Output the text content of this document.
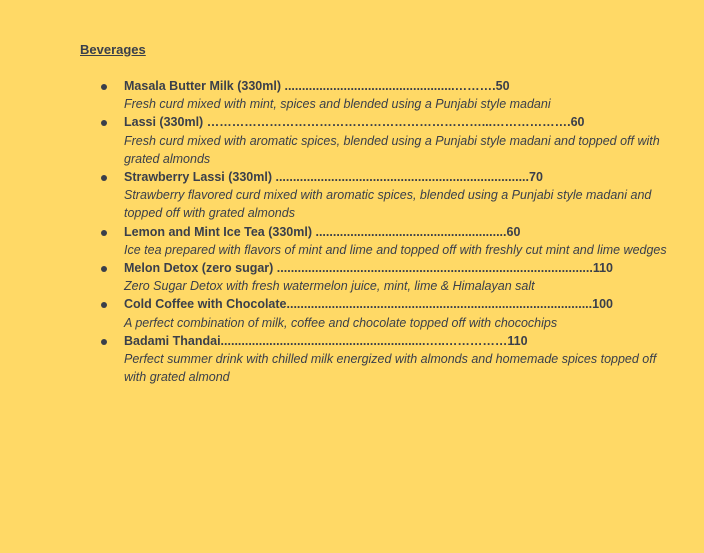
Beverages
Masala Butter Milk (330ml) .................................................……….50
Fresh curd mixed with mint, spices and blended using a Punjabi style madani
Lassi (330ml) …………………………………………………………...……………….60
Fresh curd mixed with aromatic spices, blended using a Punjabi style madani and topped off with grated almonds
Strawberry Lassi (330ml) .........................................................................70
Strawberry flavored curd mixed with aromatic spices, blended using a Punjabi style madani and topped off with grated almonds
Lemon and Mint Ice Tea (330ml) .......................................................60
Ice tea prepared with flavors of mint and lime and topped off with freshly cut mint and lime wedges
Melon Detox (zero sugar) ...........................................................................................110
Zero Sugar Detox with fresh watermelon juice, mint, lime & Himalayan salt
Cold Coffee with Chocolate........................................................................................100
A perfect combination of milk, coffee and chocolate topped off with chocochips
Badami Thandai...........................................................…..……………110
Perfect summer drink with chilled milk energized with almonds and homemade spices topped off with grated almond
